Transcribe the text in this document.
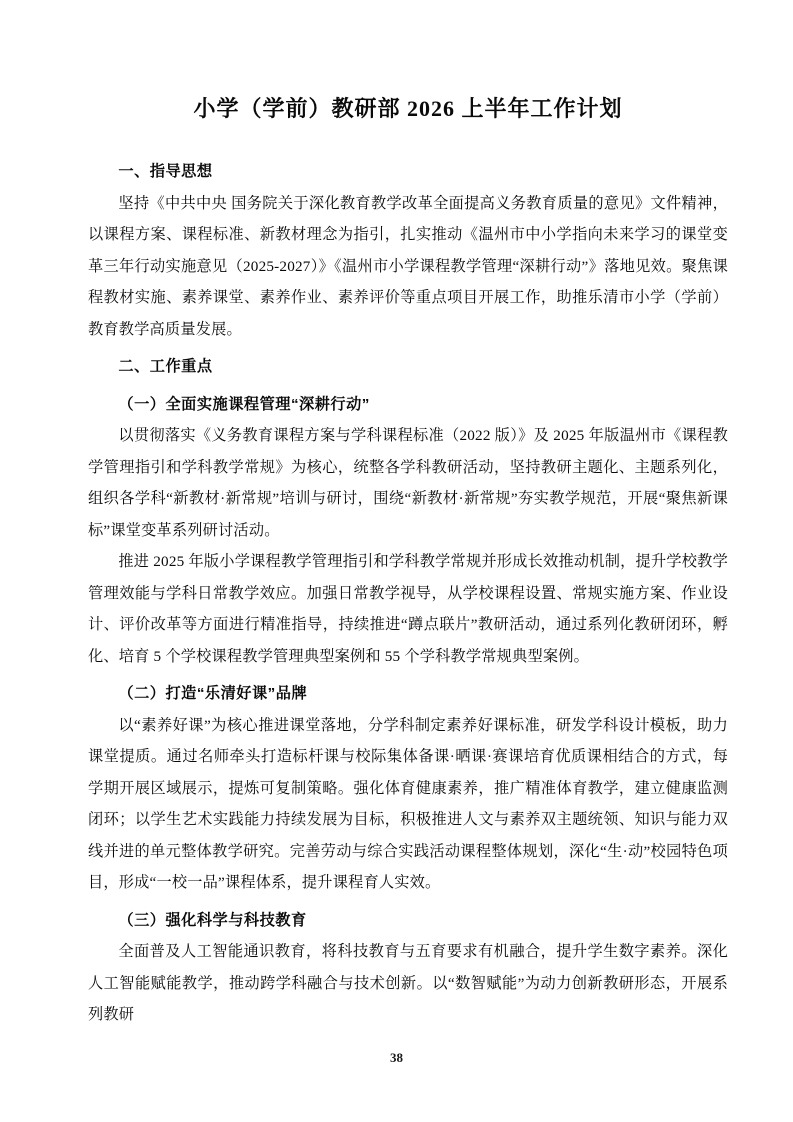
小学（学前）教研部 2026 上半年工作计划
一、指导思想

坚持《中共中央 国务院关于深化教育教学改革全面提高义务教育质量的意见》文件精神，以课程方案、课程标准、新教材理念为指引，扎实推动《温州市中小学指向未来学习的课堂变革三年行动实施意见（2025-2027）》《温州市小学课程教学管理“深耕行动”》落地见效。聚焦课程教材实施、素养课堂、素养作业、素养评价等重点项目开展工作，助推乐清市小学（学前）教育教学高质量发展。

二、工作重点
（一）全面实施课程管理“深耕行动”

以贯彻落实《义务教育课程方案与学科课程标准（2022 版）》及 2025 年版温州市《课程教学管理指引和学科教学常规》为核心，统整各学科教研活动，坚持教研主题化、主题系列化，组织各学科“新教材·新常规”培训与研讨，围绕“新教材·新常规”夯实教学规范，开展“聚焦新课标”课堂变革系列研讨活动。

推进 2025 年版小学课程教学管理指引和学科教学常规并形成长效推动机制，提升学校教学管理效能与学科日常教学效应。加强日常教学视导，从学校课程设置、常规实施方案、作业设计、评价改革等方面进行精准指导，持续推进“蹲点联片”教研活动，通过系列化教研闭环，孵化、培育 5 个学校课程教学管理典型案例和 55 个学科教学常规典型案例。

（二）打造“乐清好课”品牌

以“素养好课”为核心推进课堂落地，分学科制定素养好课标准，研发学科设计模板，助力课堂提质。通过名师牵头打造标杆课与校际集体备课·晒课·赛课培育优质课相结合的方式，每学期开展区域展示，提炼可复制策略。强化体育健康素养，推广精准体育教学，建立健康监测闭环；以学生艺术实践能力持续发展为目标，积极推进人文与素养双主题统领、知识与能力双线并进的单元整体教学研究。完善劳动与综合实践活动课程整体规划，深化“生·动”校园特色项目，形成“一校一品”课程体系，提升课程育人实效。

（三）强化科学与科技教育

全面普及人工智能通识教育，将科技教育与五育要求有机融合，提升学生数字素养。深化人工智能赋能教学，推动跨学科融合与技术创新。以“数智赋能”为动力创新教研形态，开展系列教研

38
